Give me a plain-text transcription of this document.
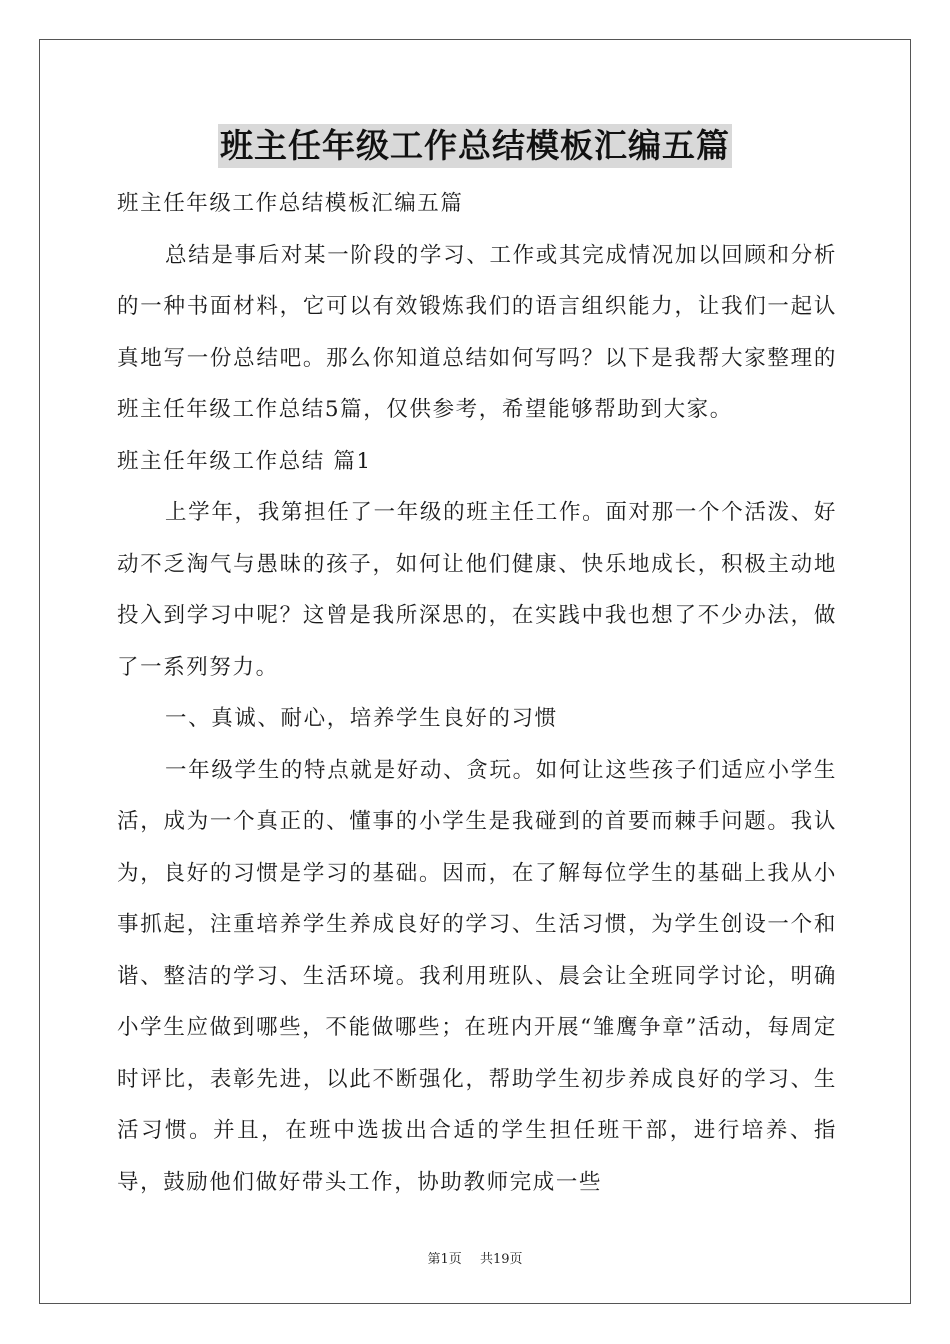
班主任年级工作总结模板汇编五篇

班主任年级工作总结模板汇编五篇

总结是事后对某一阶段的学习、工作或其完成情况加以回顾和分析的一种书面材料，它可以有效锻炼我们的语言组织能力，让我们一起认真地写一份总结吧。那么你知道总结如何写吗？以下是我帮大家整理的班主任年级工作总结5篇，仅供参考，希望能够帮助到大家。

班主任年级工作总结 篇1

上学年，我第担任了一年级的班主任工作。面对那一个个活泼、好动不乏淘气与愚昧的孩子，如何让他们健康、快乐地成长，积极主动地投入到学习中呢？这曾是我所深思的，在实践中我也想了不少办法，做了一系列努力。

一、真诚、耐心，培养学生良好的习惯

一年级学生的特点就是好动、贪玩。如何让这些孩子们适应小学生活，成为一个真正的、懂事的小学生是我碰到的首要而棘手问题。我认为，良好的习惯是学习的基础。因而，在了解每位学生的基础上我从小事抓起，注重培养学生养成良好的学习、生活习惯，为学生创设一个和谐、整洁的学习、生活环境。我利用班队、晨会让全班同学讨论，明确小学生应做到哪些，不能做哪些；在班内开展“雏鹰争章”活动，每周定时评比，表彰先进，以此不断强化，帮助学生初步养成良好的学习、生活习惯。并且，在班中选拔出合适的学生担任班干部，进行培养、指导，鼓励他们做好带头工作，协助教师完成一些

第1页 共19页
